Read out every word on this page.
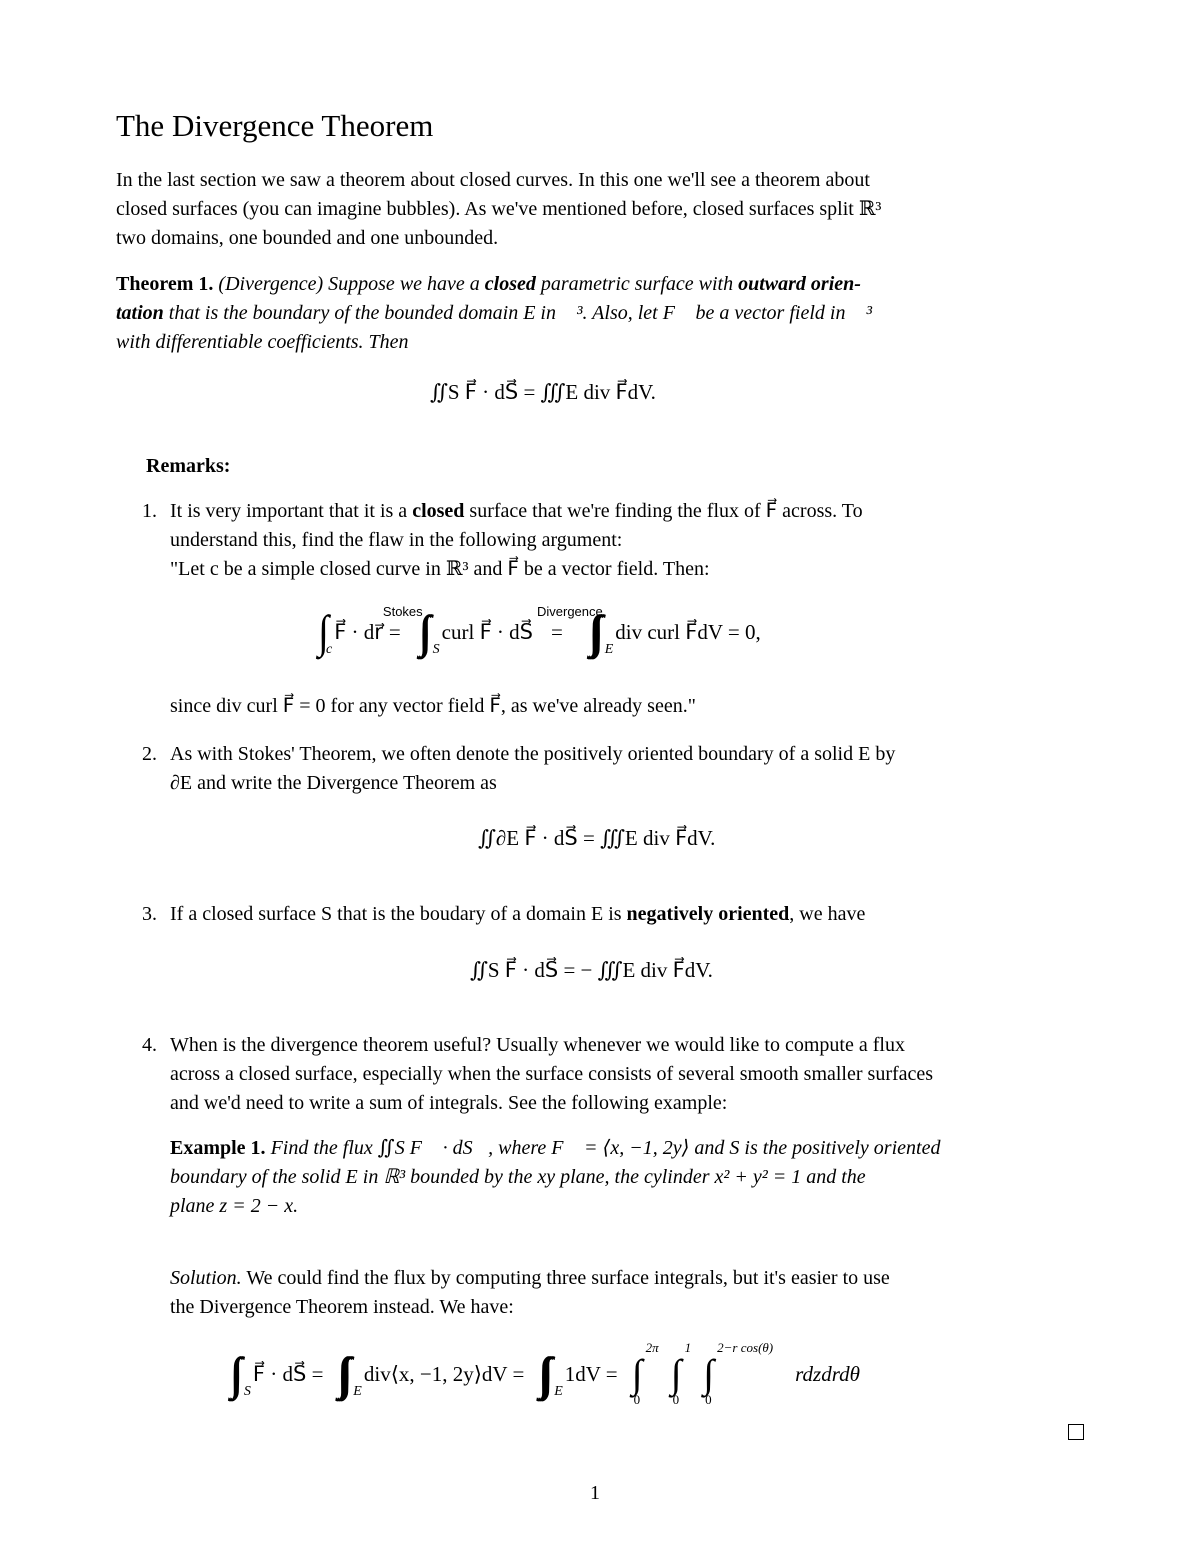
The Divergence Theorem
In the last section we saw a theorem about closed curves. In this one we'll see a theorem about
closed surfaces (you can imagine bubbles). As we've mentioned before, closed surfaces split ℝ³
two domains, one bounded and one unbounded.
Theorem 1. (Divergence) Suppose we have a closed parametric surface with outward orien-
tation that is the boundary of the bounded domain E in ℝ³. Also, let F⃗ be a vector field in ℝ³
with differentiable coefficients. Then
∬S F⃗ · dS⃗ = ∭E div F⃗dV.
Remarks:
1. It is very important that it is a closed surface that we're finding the flux of F⃗ across. To
understand this, find the flaw in the following argument:
"Let c be a simple closed curve in ℝ³ and F⃗ be a vector field. Then:
∫ c
F⃗ · dr⃗
Stokes
= ∫∫ S
curl F⃗ · dS⃗
Divergence
= ∫∫∫ E
div curl F⃗dV = 0,
since div curl F⃗ = 0 for any vector field F⃗, as we've already seen."
2. As with Stokes' Theorem, we often denote the positively oriented boundary of a solid E by
∂E and write the Divergence Theorem as
∬∂E F⃗ · dS⃗ = ∭E div F⃗dV.
3. If a closed surface S that is the boudary of a domain E is negatively oriented, we have
∬S F⃗ · dS⃗ = − ∭E div F⃗dV.
4. When is the divergence theorem useful? Usually whenever we would like to compute a flux
across a closed surface, especially when the surface consists of several smooth smaller surfaces
and we'd need to write a sum of integrals. See the following example:
Example 1. Find the flux ∬S F⃗ · dS⃗, where F⃗ = ⟨x, −1, 2y⟩ and S is the positively oriented
boundary of the solid E in ℝ³ bounded by the xy plane, the cylinder x² + y² = 1 and the
plane z = 2 − x.
Solution. We could find the flux by computing three surface integrals, but it's easier to use
the Divergence Theorem instead. We have:
∫∫ S
F⃗ · dS⃗ = ∫∫∫ E
div⟨x, −1, 2y⟩dV = ∫∫∫ E
1dV =
2π
∫
0
1
∫
0
2−r cos(θ)
∫
0
rdzdrdθ
1
